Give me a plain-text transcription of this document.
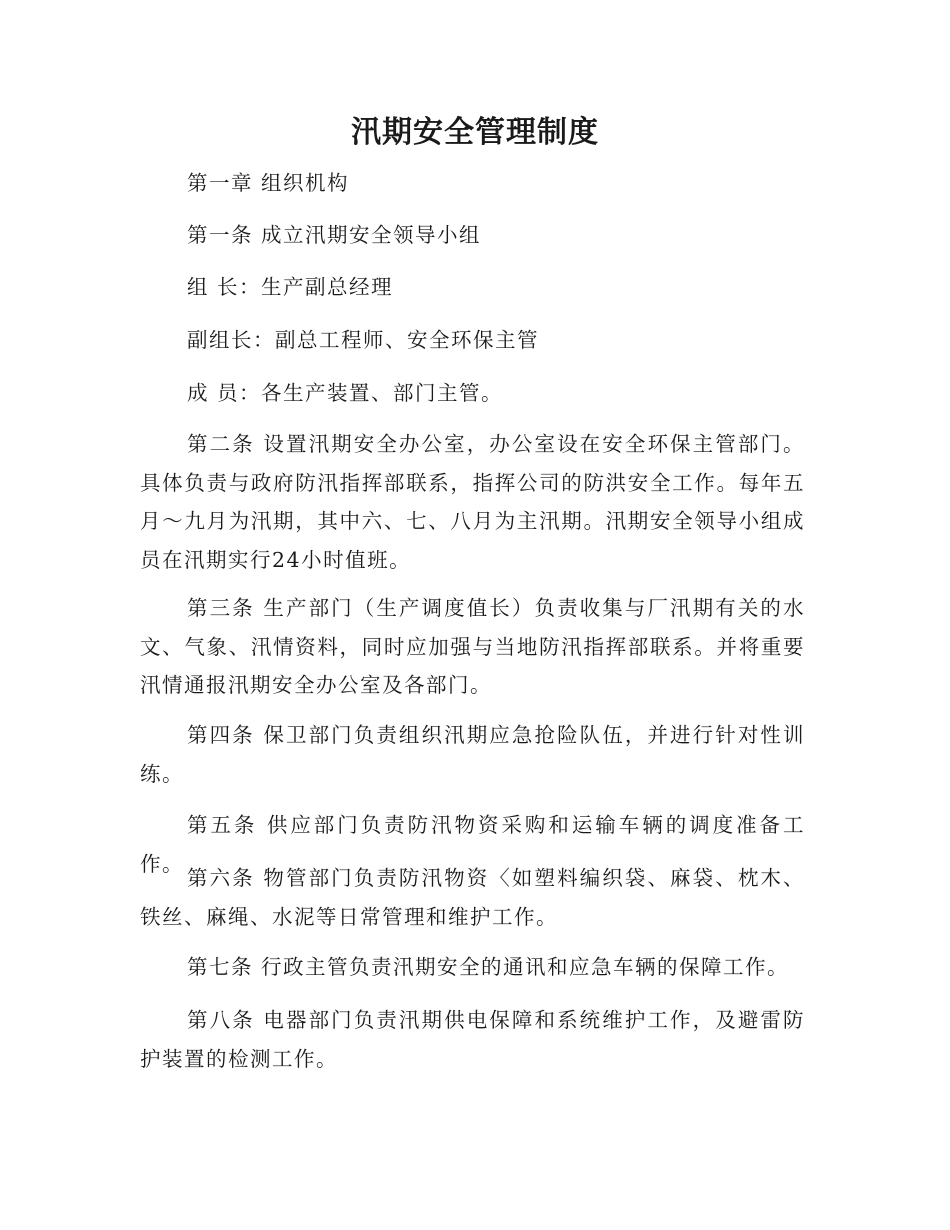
汛期安全管理制度
第一章 组织机构
第一条 成立汛期安全领导小组
组 长：生产副总经理
副组长：副总工程师、安全环保主管
成 员：各生产装置、部门主管。
第二条 设置汛期安全办公室，办公室设在安全环保主管部门。具体负责与政府防汛指挥部联系，指挥公司的防洪安全工作。每年五月～九月为汛期，其中六、七、八月为主汛期。汛期安全领导小组成员在汛期实行24小时值班。
第三条 生产部门（生产调度值长）负责收集与厂汛期有关的水文、气象、汛情资料，同时应加强与当地防汛指挥部联系。并将重要汛情通报汛期安全办公室及各部门。
第四条 保卫部门负责组织汛期应急抢险队伍，并进行针对性训练。
第五条 供应部门负责防汛物资采购和运输车辆的调度准备工作。
第六条 物管部门负责防汛物资〈如塑料编织袋、麻袋、枕木、铁丝、麻绳、水泥等日常管理和维护工作。
第七条 行政主管负责汛期安全的通讯和应急车辆的保障工作。
第八条 电器部门负责汛期供电保障和系统维护工作，及避雷防护装置的检测工作。
